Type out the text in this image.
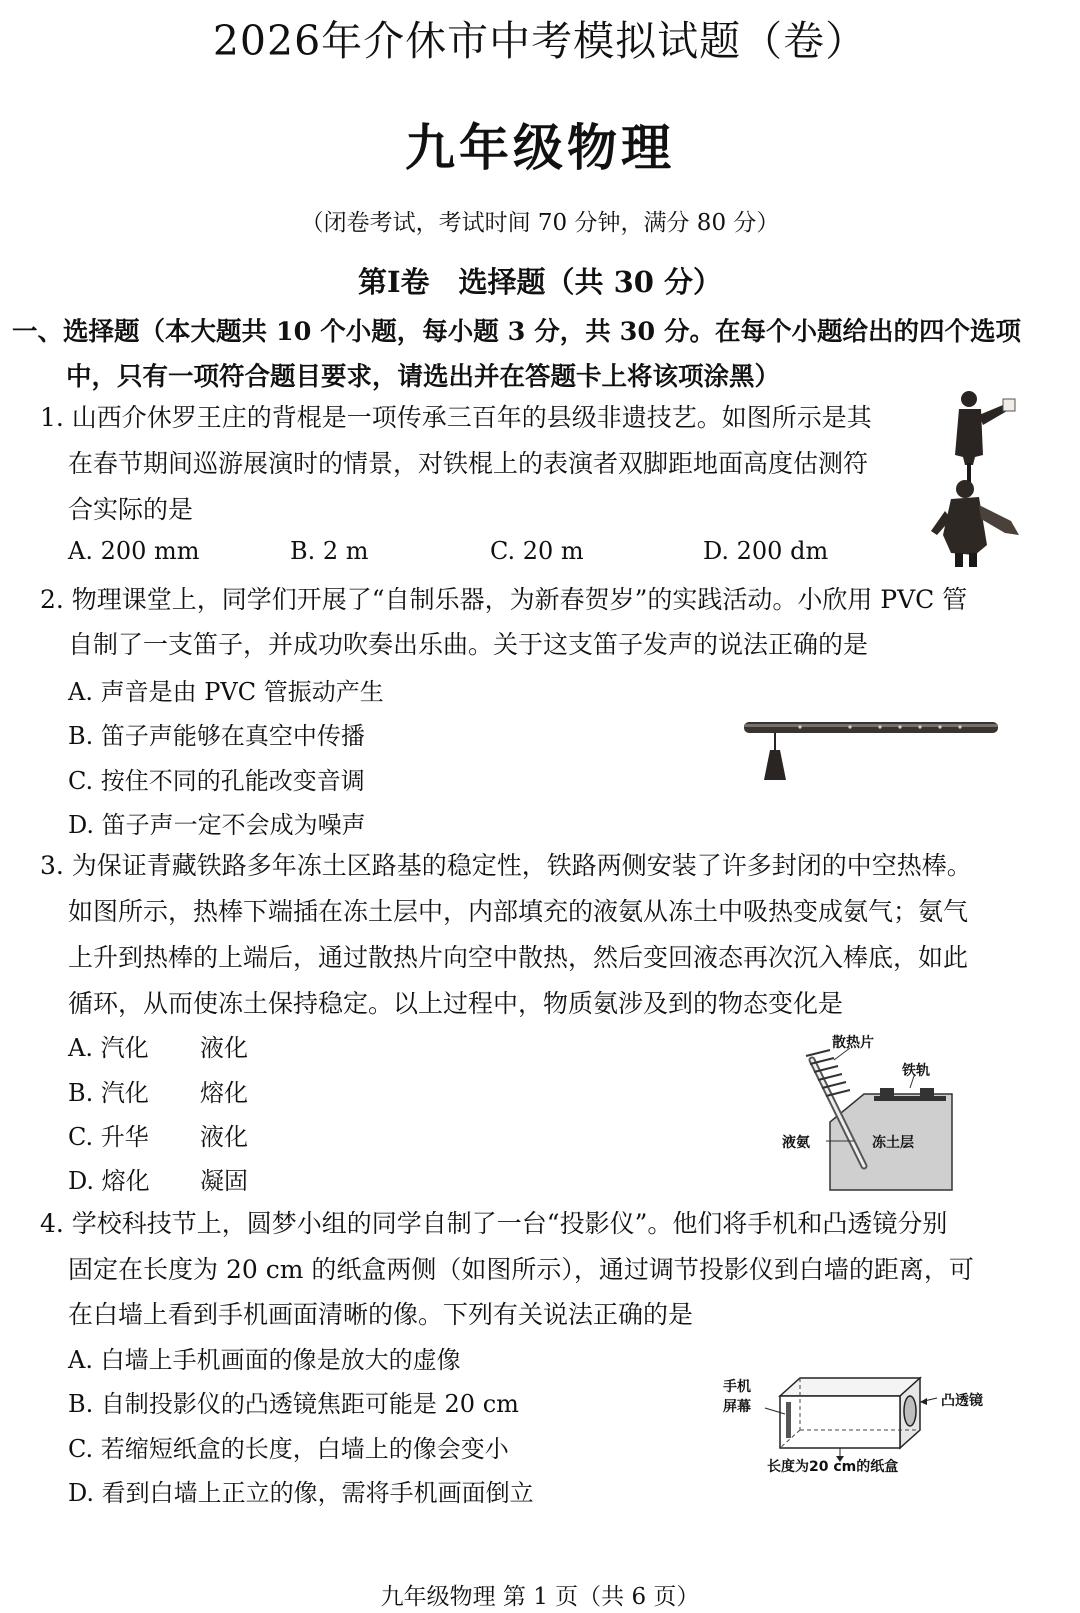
2026年介休市中考模拟试题（卷）
九年级物理
（闭卷考试，考试时间 70 分钟，满分 80 分）
第Ⅰ卷　选择题（共 30 分）
一、选择题（本大题共 10 个小题，每小题 3 分，共 30 分。在每个小题给出的四个选项
中，只有一项符合题目要求，请选出并在答题卡上将该项涂黑）
1. 山西介休罗王庄的背棍是一项传承三百年的县级非遗技艺。如图所示是其
在春节期间巡游展演时的情景，对铁棍上的表演者双脚距地面高度估测符
合实际的是
A. 200 mm	B. 2 m	C. 20 m	D. 200 dm
2. 物理课堂上，同学们开展了“自制乐器，为新春贺岁”的实践活动。小欣用 PVC 管
自制了一支笛子，并成功吹奏出乐曲。关于这支笛子发声的说法正确的是
A. 声音是由 PVC 管振动产生
B. 笛子声能够在真空中传播
C. 按住不同的孔能改变音调
D. 笛子声一定不会成为噪声
3. 为保证青藏铁路多年冻土区路基的稳定性，铁路两侧安装了许多封闭的中空热棒。
如图所示，热棒下端插在冻土层中，内部填充的液氨从冻土中吸热变成氨气；氨气
上升到热棒的上端后，通过散热片向空中散热，然后变回液态再次沉入棒底，如此
循环，从而使冻土保持稳定。以上过程中，物质氨涉及到的物态变化是
A. 汽化 液化
B. 汽化 熔化
C. 升华 液化
D. 熔化 凝固
散热片
铁轨
液氨	冻土层
4. 学校科技节上，圆梦小组的同学自制了一台“投影仪”。他们将手机和凸透镜分别
固定在长度为 20 cm 的纸盒两侧（如图所示），通过调节投影仪到白墙的距离，可
在白墙上看到手机画面清晰的像。下列有关说法正确的是
A. 白墙上手机画面的像是放大的虚像
B. 自制投影仪的凸透镜焦距可能是 20 cm
C. 若缩短纸盒的长度，白墙上的像会变小
D. 看到白墙上正立的像，需将手机画面倒立
手机
屏幕	凸透镜
长度为20 cm的纸盒
九年级物理 第 1 页（共 6 页）
